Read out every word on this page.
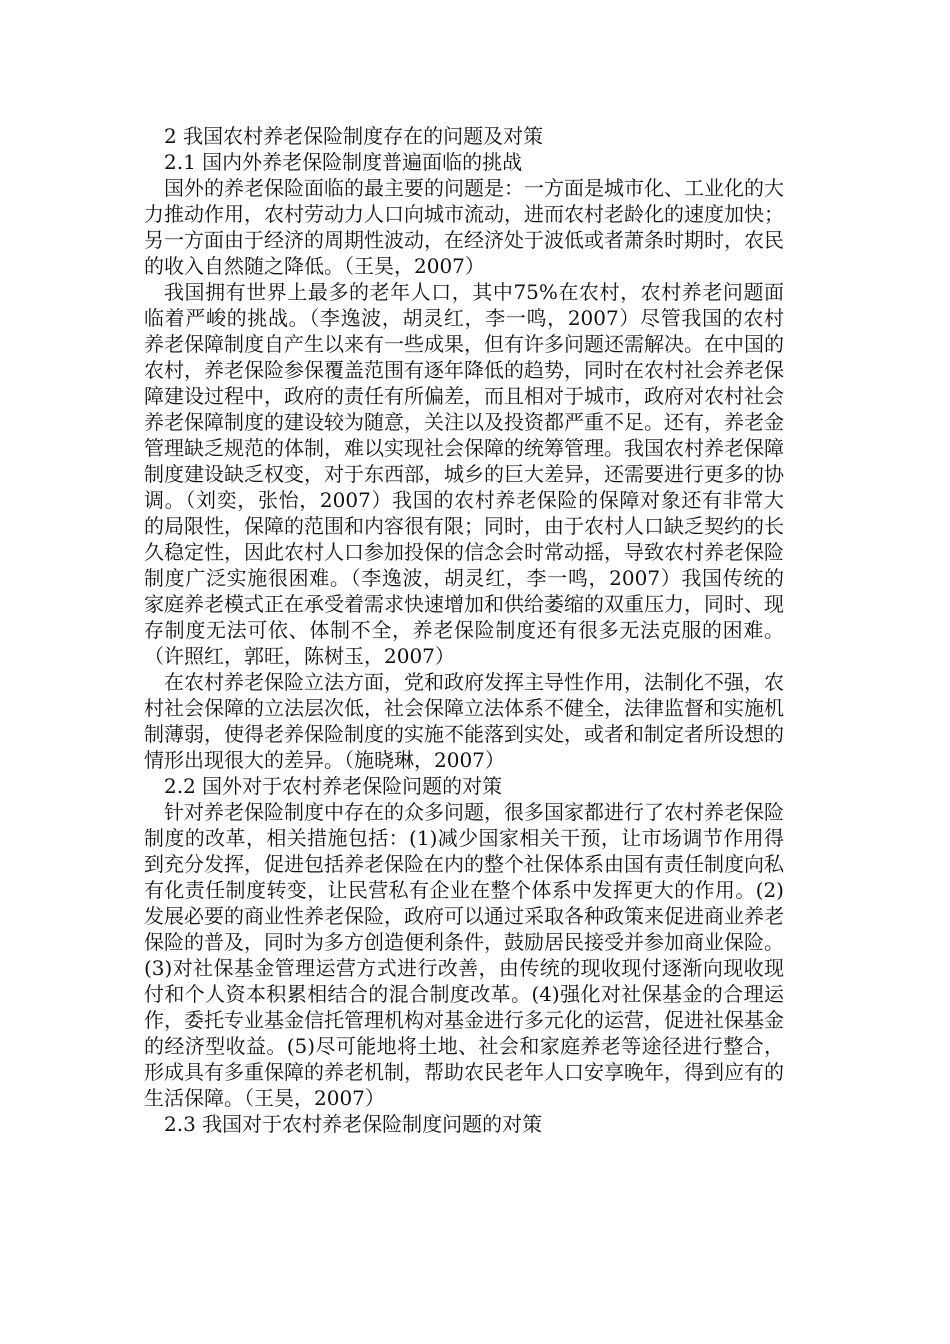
2 我国农村养老保险制度存在的问题及对策
2.1 国内外养老保险制度普遍面临的挑战

国外的养老保险面临的最主要的问题是：一方面是城市化、工业化的大力推动作用，农村劳动力人口向城市流动，进而农村老龄化的速度加快；另一方面由于经济的周期性波动，在经济处于波低或者萧条时期时，农民的收入自然随之降低。（王昊，2007）

我国拥有世界上最多的老年人口，其中75%在农村，农村养老问题面临着严峻的挑战。（李逸波，胡灵红，李一鸣，2007）尽管我国的农村养老保障制度自产生以来有一些成果，但有许多问题还需解决。在中国的农村，养老保险参保覆盖范围有逐年降低的趋势，同时在农村社会养老保障建设过程中，政府的责任有所偏差，而且相对于城市，政府对农村社会养老保障制度的建设较为随意，关注以及投资都严重不足。还有，养老金管理缺乏规范的体制，难以实现社会保障的统筹管理。我国农村养老保障制度建设缺乏权变，对于东西部，城乡的巨大差异，还需要进行更多的协调。（刘奕，张怡，2007）我国的农村养老保险的保障对象还有非常大的局限性，保障的范围和内容很有限；同时，由于农村人口缺乏契约的长久稳定性，因此农村人口参加投保的信念会时常动摇，导致农村养老保险制度广泛实施很困难。（李逸波，胡灵红，李一鸣，2007）我国传统的家庭养老模式正在承受着需求快速增加和供给萎缩的双重压力，同时、现存制度无法可依、体制不全，养老保险制度还有很多无法克服的困难。（许照红，郭旺，陈树玉，2007）

在农村养老保险立法方面，党和政府发挥主导性作用，法制化不强，农村社会保障的立法层次低，社会保障立法体系不健全，法律监督和实施机制薄弱，使得老养保险制度的实施不能落到实处，或者和制定者所设想的情形出现很大的差异。（施晓琳，2007）

2.2 国外对于农村养老保险问题的对策

针对养老保险制度中存在的众多问题，很多国家都进行了农村养老保险制度的改革，相关措施包括：(1)减少国家相关干预，让市场调节作用得到充分发挥，促进包括养老保险在内的整个社保体系由国有责任制度向私有化责任制度转变，让民营私有企业在整个体系中发挥更大的作用。(2)发展必要的商业性养老保险，政府可以通过采取各种政策来促进商业养老保险的普及，同时为多方创造便利条件，鼓励居民接受并参加商业保险。(3)对社保基金管理运营方式进行改善，由传统的现收现付逐渐向现收现付和个人资本积累相结合的混合制度改革。(4)强化对社保基金的合理运作，委托专业基金信托管理机构对基金进行多元化的运营，促进社保基金的经济型收益。(5)尽可能地将土地、社会和家庭养老等途径进行整合，形成具有多重保障的养老机制，帮助农民老年人口安享晚年，得到应有的生活保障。（王昊，2007）

2.3 我国对于农村养老保险制度问题的对策
